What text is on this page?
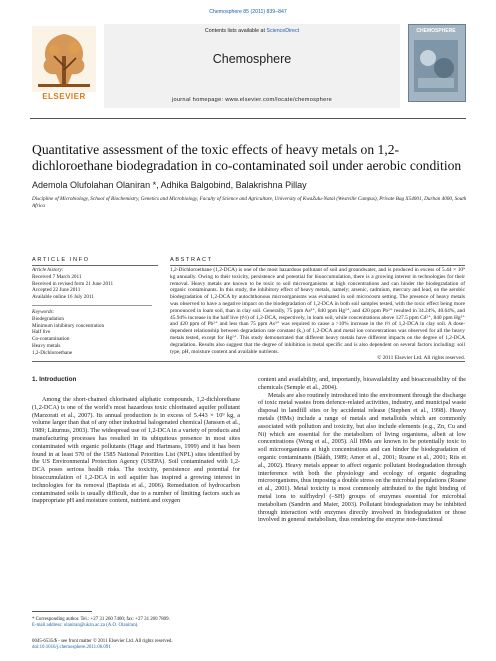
Chemosphere 85 (2011) 839–847
ELSEVIER
Contents lists available at ScienceDirect
Chemosphere
journal homepage: www.elsevier.com/locate/chemosphere
CHEMOSPHERE
Quantitative assessment of the toxic effects of heavy metals on 1,2-dichloroethane biodegradation in co-contaminated soil under aerobic condition
Ademola Olufolahan Olaniran *, Adhika Balgobind, Balakrishna Pillay
Discipline of Microbiology, School of Biochemistry, Genetics and Microbiology, Faculty of Science and Agriculture, University of KwaZulu-Natal (Westville Campus), Private Bag X54001, Durban 4000, South Africa
ARTICLE INFO	ABSTRACT
Article history:
Received 7 March 2011
Received in revised form 21 June 2011
Accepted 22 June 2011
Available online 16 July 2011
Keywords:
Biodegradation
Minimum inhibitory concentration
Half live
Co-contamination
Heavy metals
1,2-Dichloroethane
1,2-Dichloroethane (1,2-DCA) is one of the most hazardous pollutant of soil and groundwater, and is produced in excess of 5.44 × 10⁹ kg annually. Owing to their toxicity, persistence and potential for bioaccumulation, there is a growing interest in technologies for their removal. Heavy metals are known to be toxic to soil microorganisms at high concentrations and can hinder the biodegradation of organic contaminants. In this study, the inhibitory effect of heavy metals, namely; arsenic, cadmium, mercury and lead, on the aerobic biodegradation of 1,2-DCA by autochthonous microorganisms was evaluated in soil microcosm setting. The presence of heavy metals was observed to have a negative impact on the biodegradation of 1,2-DCA in both soil samples tested, with the toxic effect being more pronounced in loam soil, than in clay soil. Generally, 75 ppm As³⁺, 840 ppm Hg²⁺, and 420 ppm Pb²⁺ resulted in 34.24%, 40.64%, and 45.94% increase in the half live (t½) of 1,2-DCA, respectively, in loam soil, while concentrations above 127.5 ppm Cd²⁺, 840 ppm Hg²⁺ and 420 ppm of Pb²⁺ and less than 75 ppm As³⁺ was required to cause a >10% increase in the t½ of 1,2-DCA in clay soil. A dose-dependent relationship between degradation rate constant (k₁) of 1,2-DCA and metal ion concentrations was observed for all the heavy metals tested, except for Hg²⁺. This study demonstrated that different heavy metals have different impacts on the degree of 1,2-DCA degradation. Results also suggest that the degree of inhibition is metal specific and is also dependent on several factors including: soil type, pH, moisture content and available nutrients.
© 2011 Elsevier Ltd. All rights reserved.
1. Introduction

Among the short-chained chlorinated aliphatic compounds, 1,2-dichlorethane (1,2-DCA) is one of the world's most hazardous toxic chlorinated aquifer pollutant (Marzorati et al., 2007). Its annual production is in excess of 5.443 × 10⁹ kg, a volume larger than that of any other industrial halogenated chemical (Janssen et al., 1989; Läturnus, 2003). The widespread use of 1,2-DCA in a variety of products and manufacturing processes has resulted in its ubiquitous presence in most sites contaminated with organic pollutants (Hage and Hartmans, 1999) and it has been found in at least 570 of the 1585 National Priorities List (NPL) sites identified by the US Environmental Protection Agency (USEPA). Soil contaminated with 1,2-DCA poses serious health risks. The toxicity, persistence and potential for bioaccumulation of 1,2-DCA in soil aquifer has inspired a growing interest in technologies for its removal (Baptista et al., 2006). Remediation of hydrocarbon contaminated soils is usually difficult, due to a number of limiting factors such as inappropriate pH and moisture content, nutrient and oxygen

content and availability, and, importantly, bioavailability and bioaccessibility of the chemicals (Semple et al., 2004).

Metals are also routinely introduced into the environment through the discharge of toxic metal wastes from defence-related activities, industry, and municipal waste disposal in landfill sites or by accidental release (Stephen et al., 1998). Heavy metals (HMs) include a range of metals and metalloids which are commonly associated with pollution and toxicity, but also include elements (e.g., Zn, Cu and Ni) which are essential for the metabolism of living organisms, albeit at low concentrations (Wong et al., 2005). All HMs are known to be potentially toxic to soil microorganisms at high concentrations and can hinder the biodegradation of organic contaminants (Bååth, 1989; Amor et al., 2001; Roane et al., 2001; Riis et al., 2002). Heavy metals appear to affect organic pollutant biodegradation through interference with both the physiology and ecology of organic degrading microorganisms, thus imposing a double stress on the microbial populations (Roane et al., 2001). Metal toxicity is most commonly attributed to the tight binding of metal ions to sulfhydryl (–SH) groups of enzymes essential for microbial metabolism (Sandrin and Maier, 2003). Pollutant biodegradation may be inhibited through interaction with enzymes directly involved in biodegradation or those involved in general metabolism, thus rendering the enzyme non-functional

* Corresponding author. Tel.: +27 31 260 7400; fax: +27 31 260 7809.
E-mail address: olaniran@ukzn.ac.za (A.O. Olaniran).
0045-6535/$ - see front matter © 2011 Elsevier Ltd. All rights reserved.
doi:10.1016/j.chemosphere.2011.06.091
